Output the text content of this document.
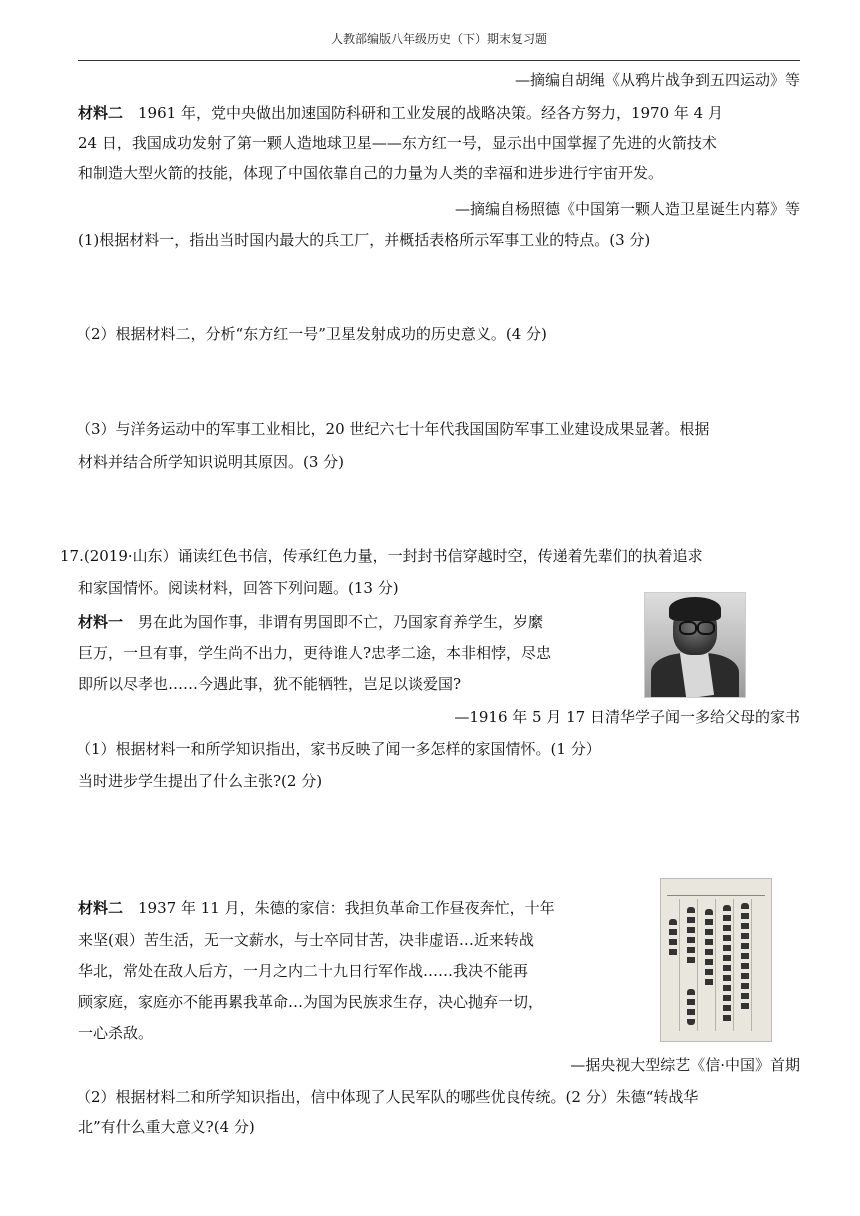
人教部编版八年级历史（下）期末复习题
—摘编自胡绳《从鸦片战争到五四运动》等
材料二　1961 年，党中央做出加速国防科研和工业发展的战略决策。经各方努力，1970 年 4 月
24 日，我国成功发射了第一颗人造地球卫星——东方红一号，显示出中国掌握了先进的火箭技术
和制造大型火箭的技能，体现了中国依靠自己的力量为人类的幸福和进步进行宇宙开发。
—摘编自杨照德《中国第一颗人造卫星诞生内幕》等
(1)根据材料一，指出当时国内最大的兵工厂，并概括表格所示军事工业的特点。(3 分)
（2）根据材料二，分析“东方红一号”卫星发射成功的历史意义。(4 分)
（3）与洋务运动中的军事工业相比，20 世纪六七十年代我国国防军事工业建设成果显著。根据
材料并结合所学知识说明其原因。(3 分)
17.(2019·山东）诵读红色书信，传承红色力量，一封封书信穿越时空，传递着先辈们的执着追求
和家国情怀。阅读材料，回答下列问题。(13 分)
材料一　男在此为国作事，非谓有男国即不亡，乃国家育养学生，岁縻
巨万，一旦有事，学生尚不出力，更待谁人?忠孝二途，本非相悖，尽忠
即所以尽孝也……今遇此事，犹不能牺牲，岂足以谈爱国?
—1916 年 5 月 17 日清华学子闻一多给父母的家书
（1）根据材料一和所学知识指出，家书反映了闻一多怎样的家国情怀。(1 分）
当时进步学生提出了什么主张?(2 分)
材料二　1937 年 11 月，朱德的家信：我担负革命工作昼夜奔忙，十年
来坚(艰）苦生活，无一文薪水，与士卒同甘苦，决非虚语…近来转战
华北，常处在敌人后方，一月之内二十九日行军作战……我决不能再
顾家庭，家庭亦不能再累我革命…为国为民族求生存，决心抛弃一切，
一心杀敌。
—据央视大型综艺《信·中国》首期
（2）根据材料二和所学知识指出，信中体现了人民军队的哪些优良传统。(2 分）朱德“转战华
北”有什么重大意义?(4 分)
